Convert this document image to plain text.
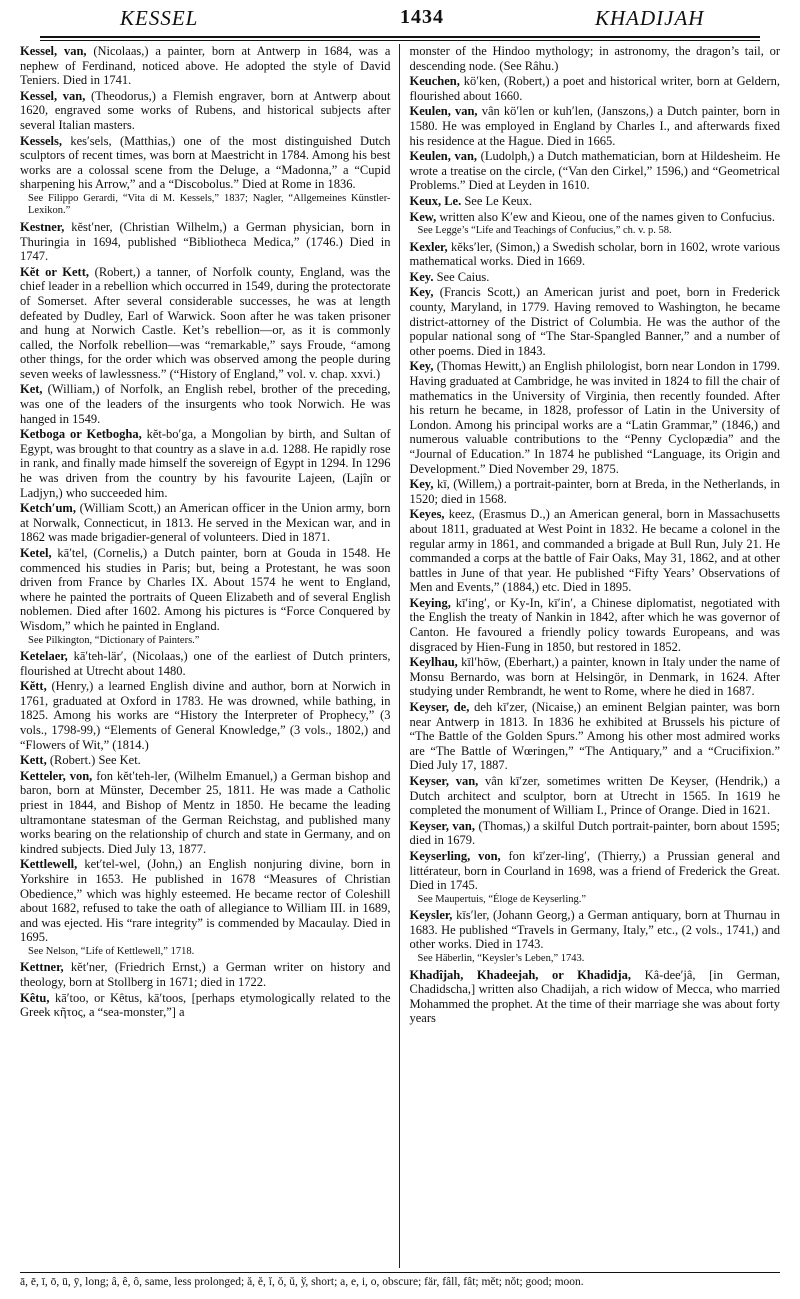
KESSEL	1434	KHADIJAH

Kessel, van, (Nicolaas,) a painter, born at Antwerp in 1684, was a nephew of Ferdinand, noticed above. He adopted the style of David Teniers. Died in 1741.

Kessel, van, (Theodorus,) a Flemish engraver, born at Antwerp about 1620, engraved some works of Rubens, and historical subjects after several Italian masters.

Kessels, kes′sels, (Matthias,) one of the most distinguished Dutch sculptors of recent times, was born at Maestricht in 1784. Among his best works are a colossal scene from the Deluge, a “Madonna,” a “Cupid sharpening his Arrow,” and a “Discobolus.” Died at Rome in 1836.

See Filippo Gerardi, “Vita di M. Kessels,” 1837; Nagler, “Allgemeines Künstler-Lexikon.”

Kestner, kĕst′ner, (Christian Wilhelm,) a German physician, born in Thuringia in 1694, published “Bibliotheca Medica,” (1746.) Died in 1747.

Kĕt or Kett, (Robert,) a tanner, of Norfolk county, England, was the chief leader in a rebellion which occurred in 1549, during the protectorate of Somerset. After several considerable successes, he was at length defeated by Dudley, Earl of Warwick. Soon after he was taken prisoner and hung at Norwich Castle. Ket’s rebellion—or, as it is commonly called, the Norfolk rebellion—was “remarkable,” says Froude, “among other things, for the order which was observed among the people during seven weeks of lawlessness.” (“History of England,” vol. v. chap. xxvi.)

Ket, (William,) of Norfolk, an English rebel, brother of the preceding, was one of the leaders of the insurgents who took Norwich. He was hanged in 1549.

Ketboga or Ketbogha, kĕt-bo′ga, a Mongolian by birth, and Sultan of Egypt, was brought to that country as a slave in a.d. 1288. He rapidly rose in rank, and finally made himself the sovereign of Egypt in 1294. In 1296 he was driven from the country by his favourite Lajeen, (Lajîn or Ladjyn,) who succeeded him.

Ketch′um, (William Scott,) an American officer in the Union army, born at Norwalk, Connecticut, in 1813. He served in the Mexican war, and in 1862 was made brigadier-general of volunteers. Died in 1871.

Ketel, kā′tel, (Cornelis,) a Dutch painter, born at Gouda in 1548. He commenced his studies in Paris; but, being a Protestant, he was soon driven from France by Charles IX. About 1574 he went to England, where he painted the portraits of Queen Elizabeth and of several English noblemen. Died after 1602. Among his pictures is “Force Conquered by Wisdom,” which he painted in England.

See Pilkington, “Dictionary of Painters.”

Ketelaer, kā′teh-lär′, (Nicolaas,) one of the earliest of Dutch printers, flourished at Utrecht about 1480.

Kĕtt, (Henry,) a learned English divine and author, born at Norwich in 1761, graduated at Oxford in 1783. He was drowned, while bathing, in 1825. Among his works are “History the Interpreter of Prophecy,” (3 vols., 1798-99,) “Elements of General Knowledge,” (3 vols., 1802,) and “Flowers of Wit,” (1814.)

Kett, (Robert.) See Ket.

Ketteler, von, fon kĕt′teh-ler, (Wilhelm Emanuel,) a German bishop and baron, born at Münster, December 25, 1811. He was made a Catholic priest in 1844, and Bishop of Mentz in 1850. He became the leading ultramontane statesman of the German Reichstag, and published many works bearing on the relationship of church and state in Germany, and on kindred subjects. Died July 13, 1877.

Kettlewell, ket′tel-wel, (John,) an English nonjuring divine, born in Yorkshire in 1653. He published in 1678 “Measures of Christian Obedience,” which was highly esteemed. He became rector of Coleshill about 1682, refused to take the oath of allegiance to William III. in 1689, and was ejected. His “rare integrity” is commended by Macaulay. Died in 1695.

See Nelson, “Life of Kettlewell,” 1718.

Kettner, kĕt′ner, (Friedrich Ernst,) a German writer on history and theology, born at Stollberg in 1671; died in 1722.

Kêtu, kā′too, or Kêtus, kā′toos, [perhaps etymologically related to the Greek κῆτος, a “sea-monster,”] a

monster of the Hindoo mythology; in astronomy, the dragon’s tail, or descending node. (See Râhu.)

Keuchen, kö′ken, (Robert,) a poet and historical writer, born at Geldern, flourished about 1660.

Keulen, van, vân kö′len or kuh′len, (Janszons,) a Dutch painter, born in 1580. He was employed in England by Charles I., and afterwards fixed his residence at the Hague. Died in 1665.

Keulen, van, (Ludolph,) a Dutch mathematician, born at Hildesheim. He wrote a treatise on the circle, (“Van den Cirkel,” 1596,) and “Geometrical Problems.” Died at Leyden in 1610.

Keux, Le. See Le Keux.

Kew, written also K′ew and Kieou, one of the names given to Confucius.

See Legge’s “Life and Teachings of Confucius,” ch. v. p. 58.

Kexler, kĕks′ler, (Simon,) a Swedish scholar, born in 1602, wrote various mathematical works. Died in 1669.

Key. See Caius.

Key, (Francis Scott,) an American jurist and poet, born in Frederick county, Maryland, in 1779. Having removed to Washington, he became district-attorney of the District of Columbia. He was the author of the popular national song of “The Star-Spangled Banner,” and a number of other poems. Died in 1843.

Key, (Thomas Hewitt,) an English philologist, born near London in 1799. Having graduated at Cambridge, he was invited in 1824 to fill the chair of mathematics in the University of Virginia, then recently founded. After his return he became, in 1828, professor of Latin in the University of London. Among his principal works are a “Latin Grammar,” (1846,) and numerous valuable contributions to the “Penny Cyclopædia” and the “Journal of Education.” In 1874 he published “Language, its Origin and Development.” Died November 29, 1875.

Key, kī, (Willem,) a portrait-painter, born at Breda, in the Netherlands, in 1520; died in 1568.

Keyes, keez, (Erasmus D.,) an American general, born in Massachusetts about 1811, graduated at West Point in 1832. He became a colonel in the regular army in 1861, and commanded a brigade at Bull Run, July 21. He commanded a corps at the battle of Fair Oaks, May 31, 1862, and at other battles in June of that year. He published “Fifty Years’ Observations of Men and Events,” (1884,) etc. Died in 1895.

Keying, kī′ing′, or Ky-In, kī′in′, a Chinese diplomatist, negotiated with the English the treaty of Nankin in 1842, after which he was governor of Canton. He favoured a friendly policy towards Europeans, and was disgraced by Hien-Fung in 1850, but restored in 1852.

Keylhau, kīl′hōw, (Eberhart,) a painter, known in Italy under the name of Monsu Bernardo, was born at Helsingör, in Denmark, in 1624. After studying under Rembrandt, he went to Rome, where he died in 1687.

Keyser, de, deh kī′zer, (Nicaise,) an eminent Belgian painter, was born near Antwerp in 1813. In 1836 he exhibited at Brussels his picture of “The Battle of the Golden Spurs.” Among his other most admired works are “The Battle of Wœringen,” “The Antiquary,” and a “Crucifixion.” Died July 17, 1887.

Keyser, van, vân kī′zer, sometimes written De Keyser, (Hendrik,) a Dutch architect and sculptor, born at Utrecht in 1565. In 1619 he completed the monument of William I., Prince of Orange. Died in 1621.

Keyser, van, (Thomas,) a skilful Dutch portrait-painter, born about 1595; died in 1679.

Keyserling, von, fon kī′zer-ling′, (Thierry,) a Prussian general and littérateur, born in Courland in 1698, was a friend of Frederick the Great. Died in 1745.

See Maupertuis, “Éloge de Keyserling.”

Keysler, kīs′ler, (Johann Georg,) a German antiquary, born at Thurnau in 1683. He published “Travels in Germany, Italy,” etc., (2 vols., 1741,) and other works. Died in 1743.

See Häberlin, “Keysler’s Leben,” 1743.

Khadîjah, Khadeejah, or Khadidja, Kâ-dee′jâ, [in German, Chadidscha,] written also Chadijah, a rich widow of Mecca, who married Mohammed the prophet. At the time of their marriage she was about forty years

ā, ē, ī, ō, ū, ȳ, long; â, ê, ô, same, less prolonged; ă, ĕ, ĭ, ŏ, ŭ, ў, short; a, e, i, o, obscure; fär, fâll, fât; mĕt; nŏt; good; moon.
